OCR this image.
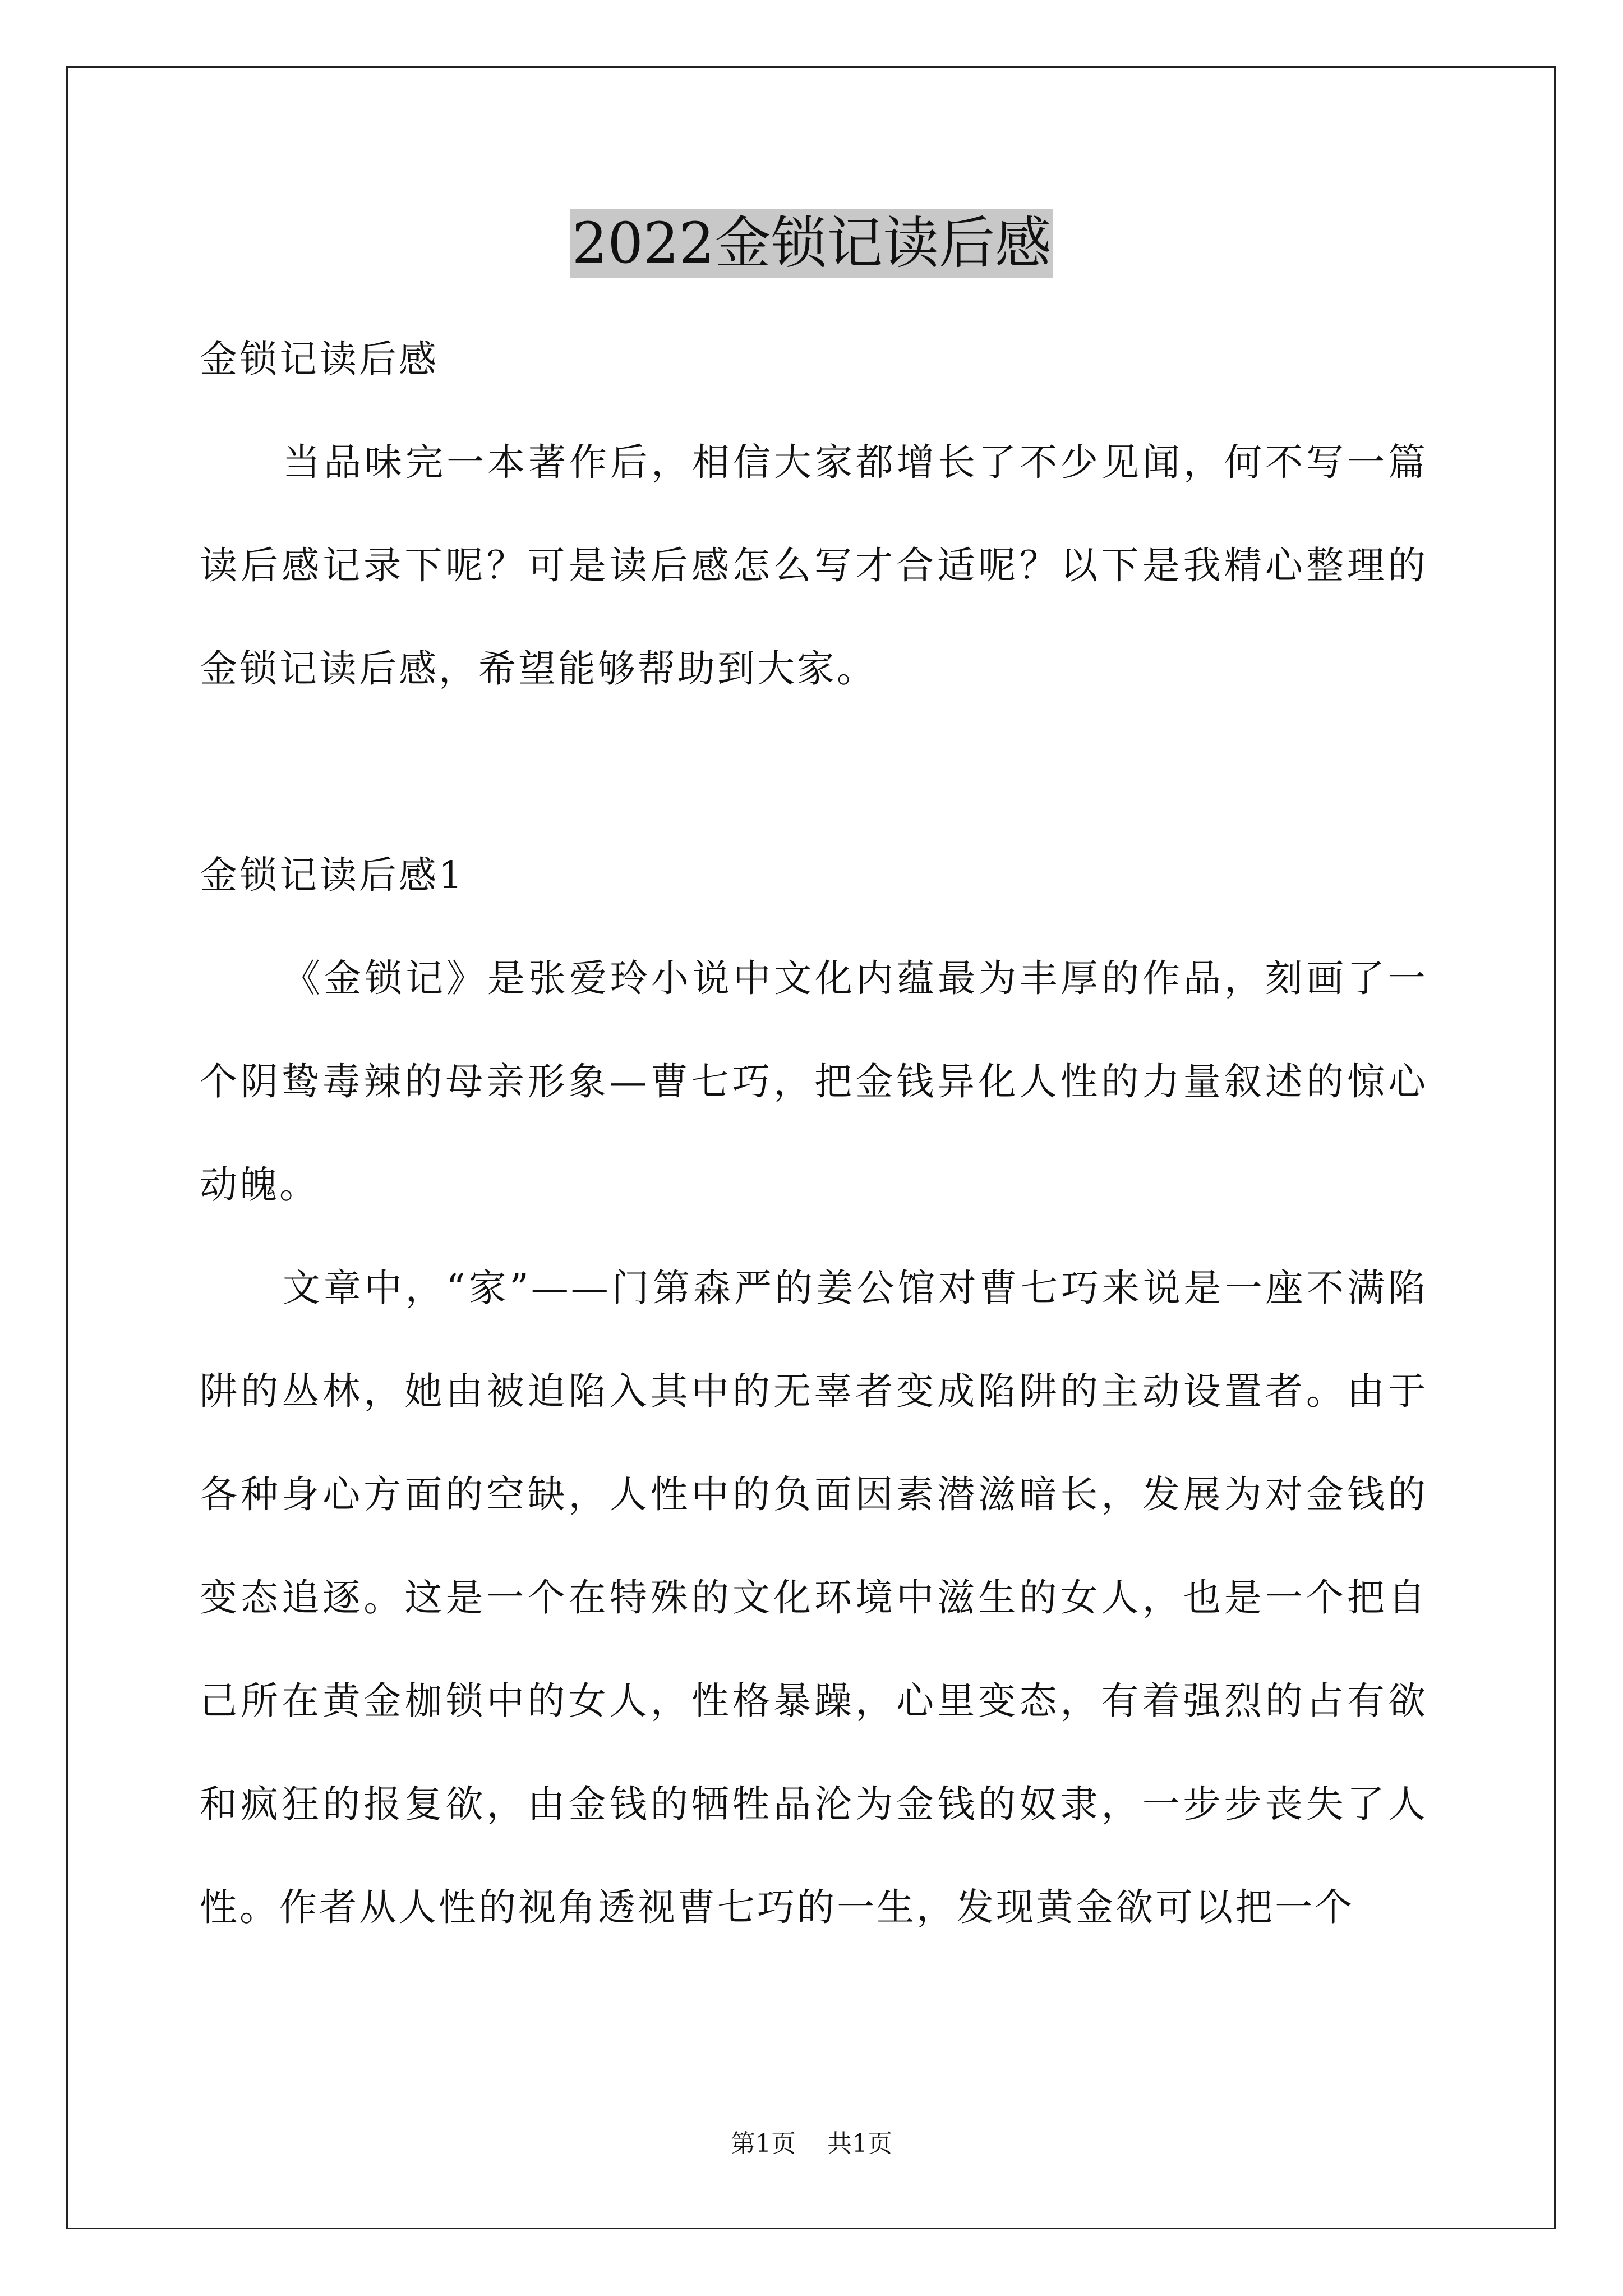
2022金锁记读后感

金锁记读后感

当品味完一本著作后，相信大家都增长了不少见闻，何不写一篇读后感记录下呢？可是读后感怎么写才合适呢？以下是我精心整理的金锁记读后感，希望能够帮助到大家。

金锁记读后感1

《金锁记》是张爱玲小说中文化内蕴最为丰厚的作品，刻画了一个阴鸷毒辣的母亲形象—曹七巧，把金钱异化人性的力量叙述的惊心动魄。

文章中，“家”——门第森严的姜公馆对曹七巧来说是一座不满陷阱的丛林，她由被迫陷入其中的无辜者变成陷阱的主动设置者。由于各种身心方面的空缺，人性中的负面因素潜滋暗长，发展为对金钱的变态追逐。这是一个在特殊的文化环境中滋生的女人，也是一个把自己所在黄金枷锁中的女人，性格暴躁，心里变态，有着强烈的占有欲和疯狂的报复欲，由金钱的牺牲品沦为金钱的奴隶，一步步丧失了人性。作者从人性的视角透视曹七巧的一生，发现黄金欲可以把一个

第1页 共1页
